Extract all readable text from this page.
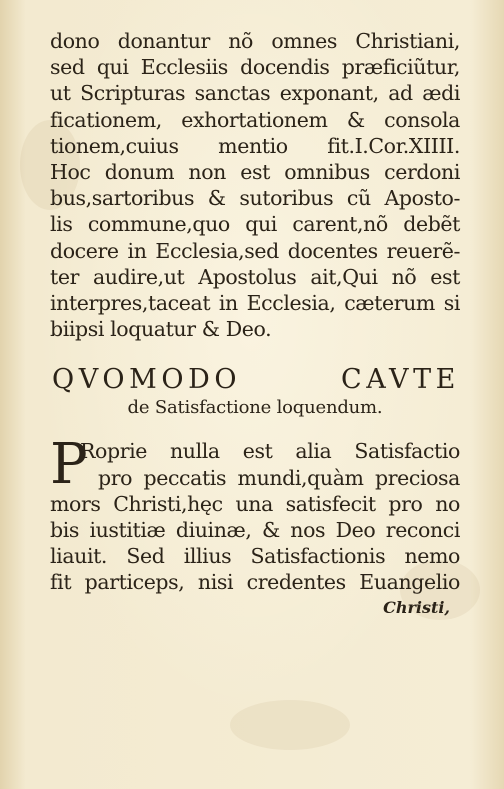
dono donantur nõ omnes Christiani,
sed qui Ecclesiis docendis præficiũtur,
ut Scripturas sanctas exponant, ad ædi
ficationem, exhortationem & consola
tionem,cuius mentio fit.I.Cor.XIIII.
Hoc donum non est omnibus cerdoni
bus,sartoribus & sutoribus cũ Aposto-
lis commune,quo qui carent,nõ debẽt
docere in Ecclesia,sed docentes reuerẽ-
ter audire,ut Apostolus ait,Qui nõ est
interpres,taceat in Ecclesia, cæterum si
biipsi loquatur & Deo.
QVOMODO CAVTE
de Satisfactione loquendum.
P
Roprie nulla est alia Satisfactio
pro peccatis mundi,quàm preciosa
mors Christi,hęc una satisfecit pro no
bis iustitiæ diuinæ, & nos Deo reconci
liauit. Sed illius Satisfactionis nemo
fit particeps, nisi credentes Euangelio
Christi,
